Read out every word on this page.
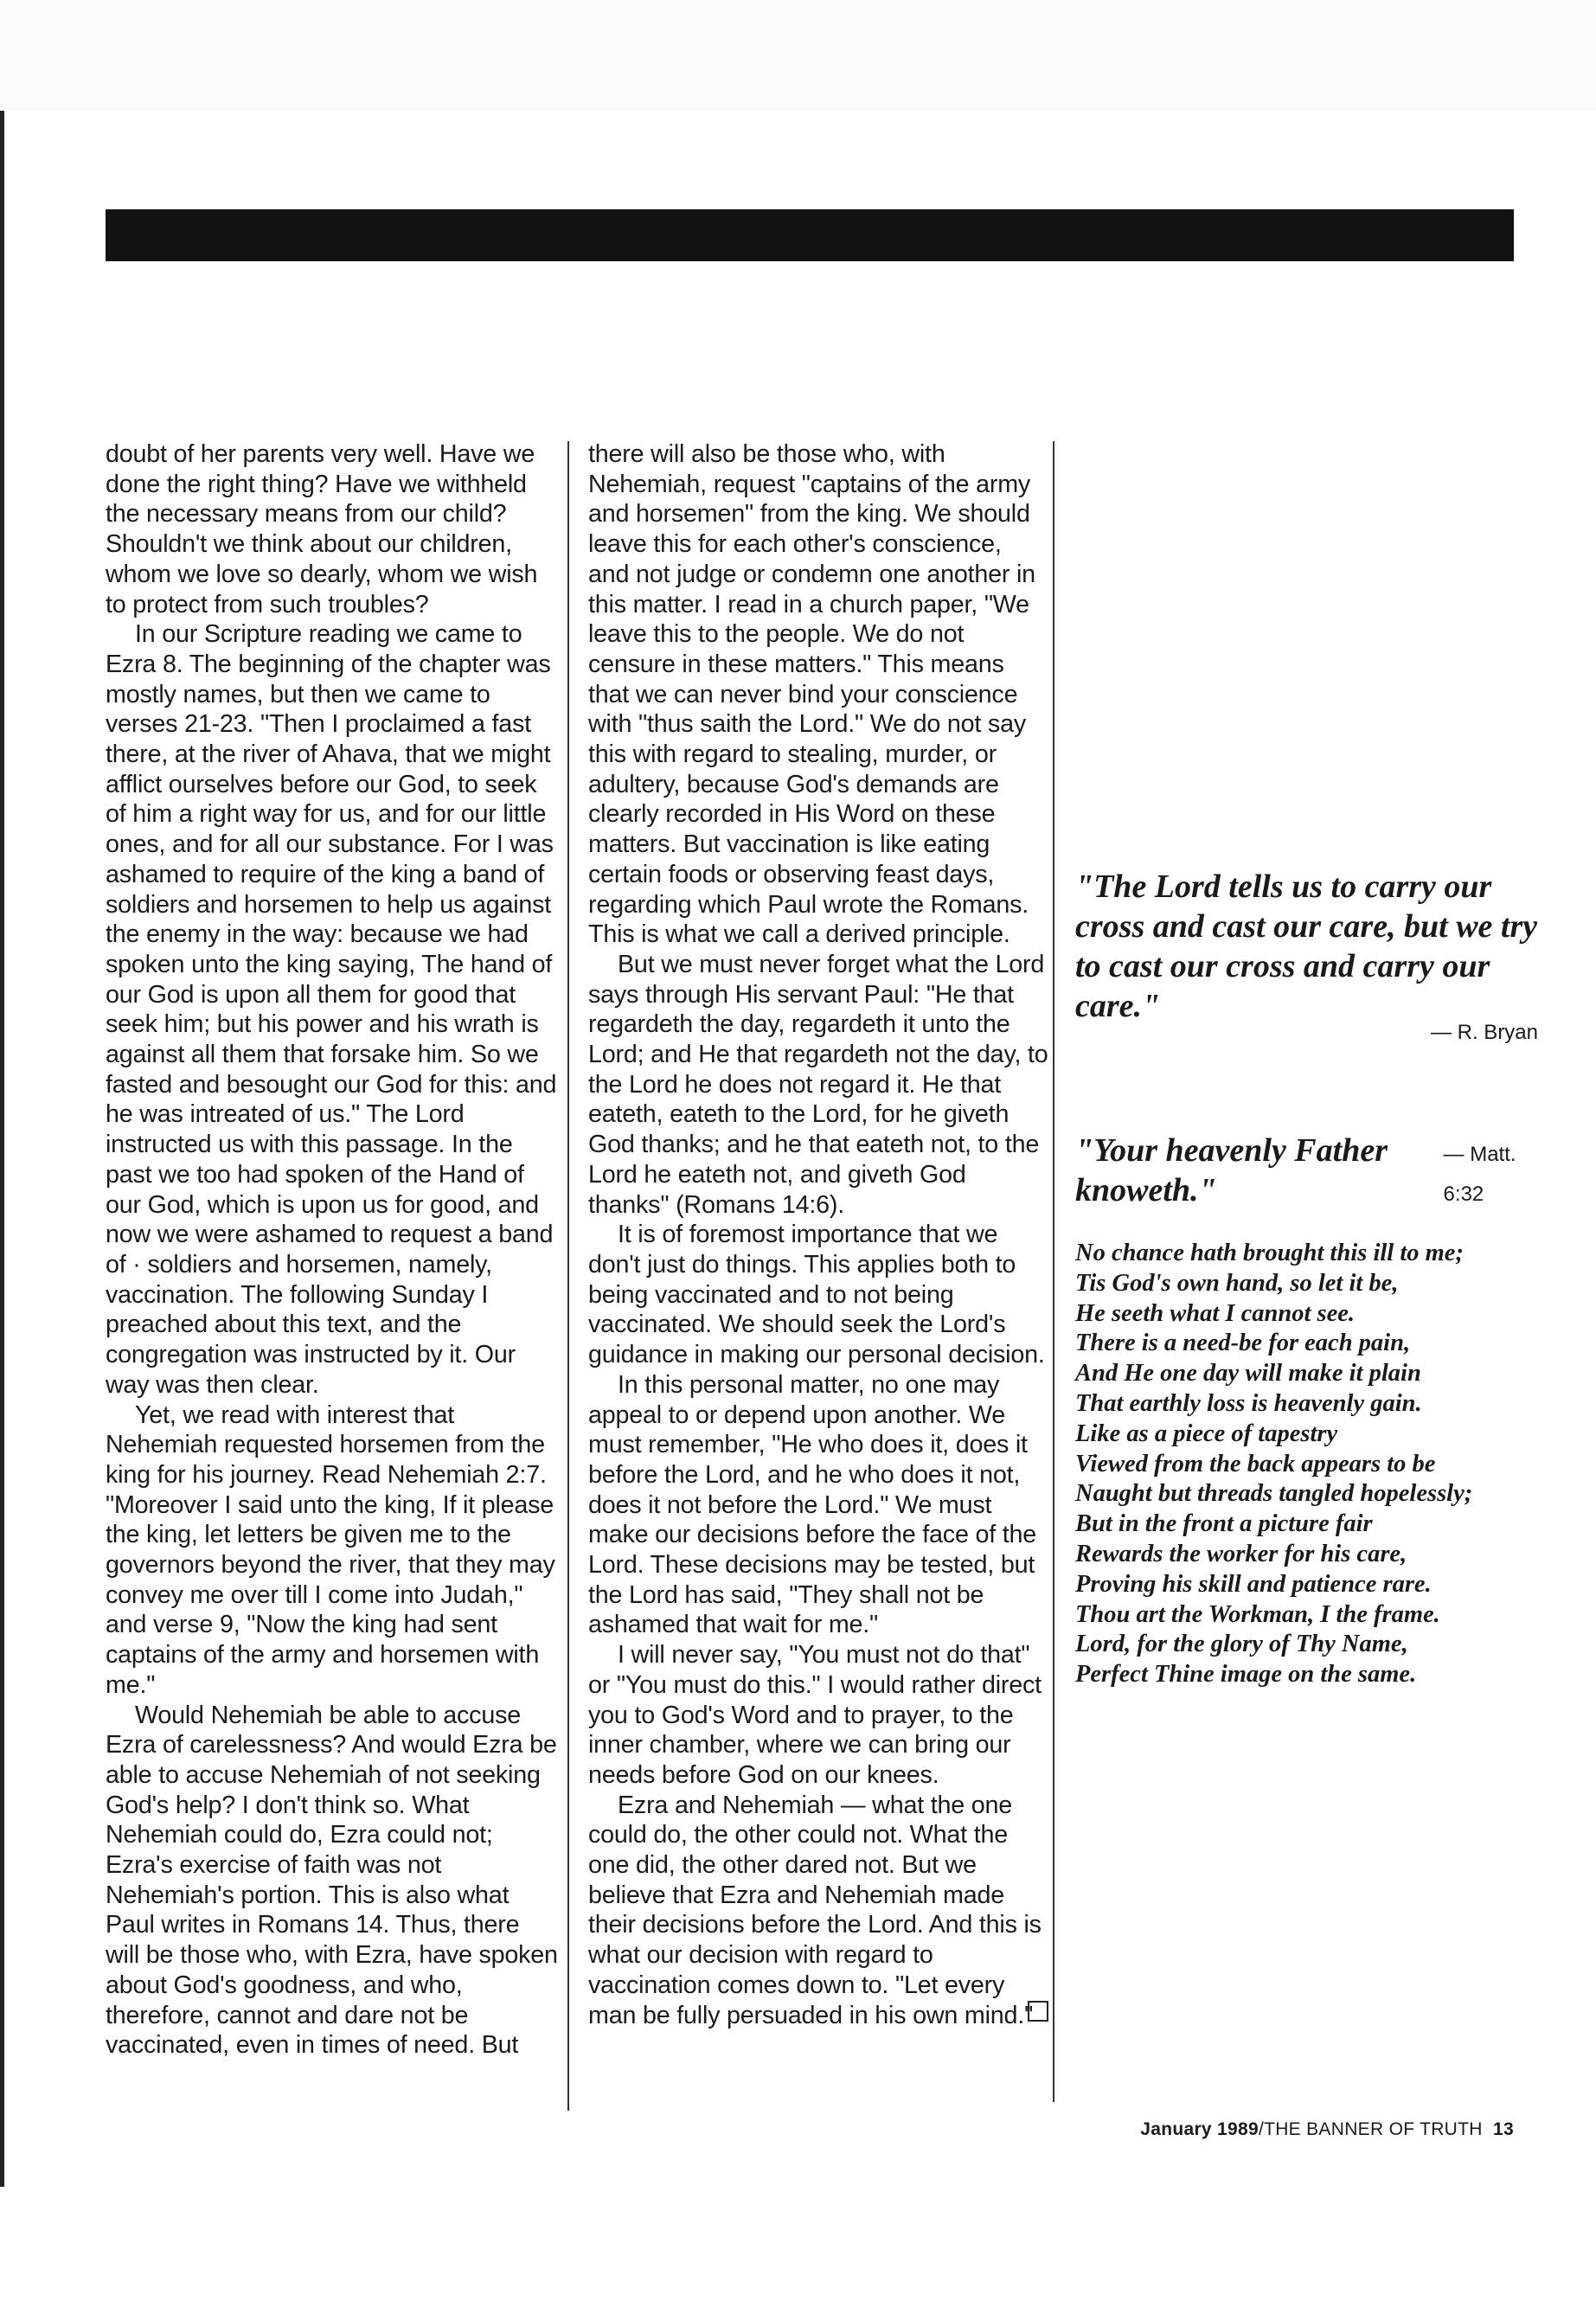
doubt of her parents very well. Have we done the right thing? Have we withheld the necessary means from our child? Shouldn't we think about our children, whom we love so dearly, whom we wish to protect from such troubles?

In our Scripture reading we came to Ezra 8. The beginning of the chapter was mostly names, but then we came to verses 21-23. "Then I proclaimed a fast there, at the river of Ahava, that we might afflict ourselves before our God, to seek of him a right way for us, and for our little ones, and for all our substance. For I was ashamed to require of the king a band of soldiers and horsemen to help us against the enemy in the way: because we had spoken unto the king saying, The hand of our God is upon all them for good that seek him; but his power and his wrath is against all them that forsake him. So we fasted and besought our God for this: and he was intreated of us." The Lord instructed us with this passage. In the past we too had spoken of the Hand of our God, which is upon us for good, and now we were ashamed to request a band of · soldiers and horsemen, namely, vaccination. The following Sunday I preached about this text, and the congregation was instructed by it. Our way was then clear.

Yet, we read with interest that Nehemiah requested horsemen from the king for his journey. Read Nehemiah 2:7. "Moreover I said unto the king, If it please the king, let letters be given me to the governors beyond the river, that they may convey me over till I come into Judah," and verse 9, "Now the king had sent captains of the army and horsemen with me."

Would Nehemiah be able to accuse Ezra of carelessness? And would Ezra be able to accuse Nehemiah of not seeking God's help? I don't think so. What Nehemiah could do, Ezra could not; Ezra's exercise of faith was not Nehemiah's portion. This is also what Paul writes in Romans 14. Thus, there will be those who, with Ezra, have spoken about God's goodness, and who, therefore, cannot and dare not be vaccinated, even in times of need. But

there will also be those who, with Nehemiah, request "captains of the army and horsemen" from the king. We should leave this for each other's conscience, and not judge or condemn one another in this matter. I read in a church paper, "We leave this to the people. We do not censure in these matters." This means that we can never bind your conscience with "thus saith the Lord." We do not say this with regard to stealing, murder, or adultery, because God's demands are clearly recorded in His Word on these matters. But vaccination is like eating certain foods or observing feast days, regarding which Paul wrote the Romans. This is what we call a derived principle.

But we must never forget what the Lord says through His servant Paul: "He that regardeth the day, regardeth it unto the Lord; and He that regardeth not the day, to the Lord he does not regard it. He that eateth, eateth to the Lord, for he giveth God thanks; and he that eateth not, to the Lord he eateth not, and giveth God thanks" (Romans 14:6).

It is of foremost importance that we don't just do things. This applies both to being vaccinated and to not being vaccinated. We should seek the Lord's guidance in making our personal decision.

In this personal matter, no one may appeal to or depend upon another. We must remember, "He who does it, does it before the Lord, and he who does it not, does it not before the Lord." We must make our decisions before the face of the Lord. These decisions may be tested, but the Lord has said, "They shall not be ashamed that wait for me."

I will never say, "You must not do that" or "You must do this." I would rather direct you to God's Word and to prayer, to the inner chamber, where we can bring our needs before God on our knees.

Ezra and Nehemiah — what the one could do, the other could not. What the one did, the other dared not. But we believe that Ezra and Nehemiah made their decisions before the Lord. And this is what our decision with regard to vaccination comes down to. "Let every man be fully persuaded in his own mind."

"The Lord tells us to carry our cross and cast our care, but we try to cast our cross and carry our care."

— R. Bryan
"Your heavenly Father knoweth."
— Matt. 6:32
No chance hath brought this ill to me;
Tis God's own hand, so let it be,
He seeth what I cannot see.
There is a need-be for each pain,
And He one day will make it plain
That earthly loss is heavenly gain.
Like as a piece of tapestry
Viewed from the back appears to be
Naught but threads tangled hopelessly;
But in the front a picture fair
Rewards the worker for his care,
Proving his skill and patience rare.
Thou art the Workman, I the frame.
Lord, for the glory of Thy Name,
Perfect Thine image on the same.
January 1989/THE BANNER OF TRUTH 13
